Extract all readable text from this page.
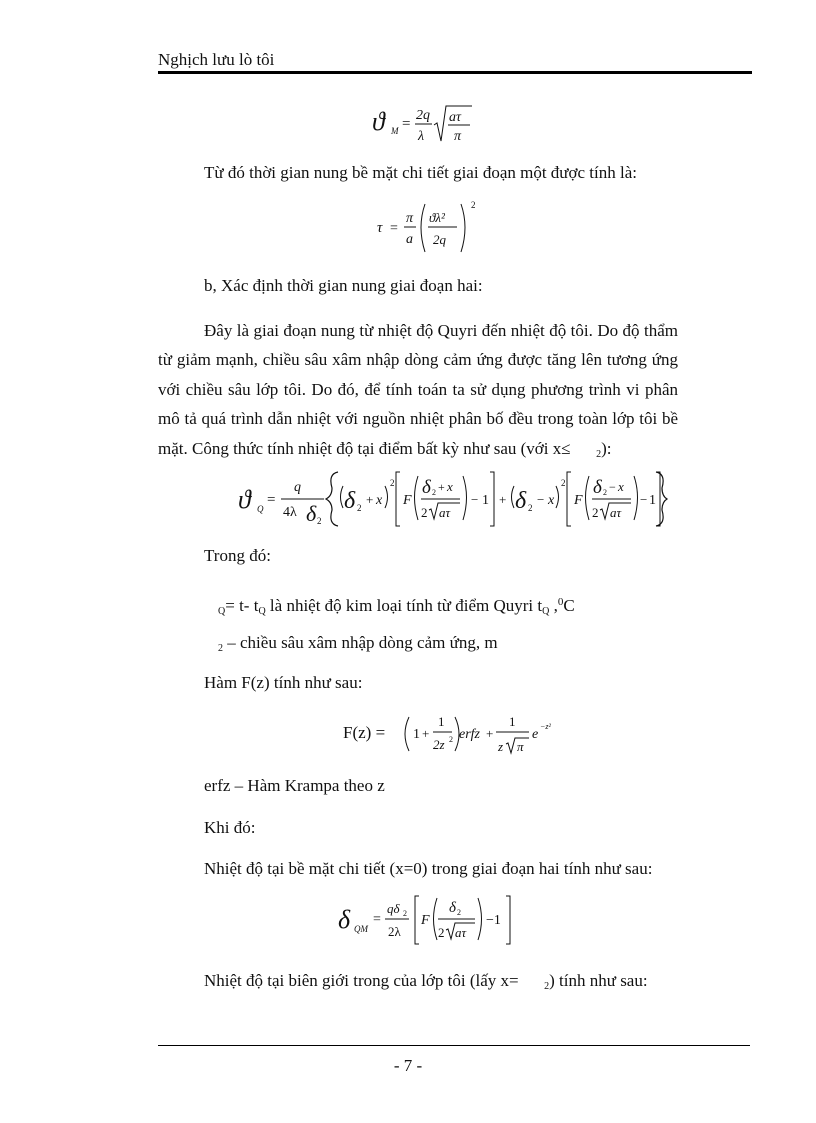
Nghịch lưu lò tôi
ϑ M =
2q
λ
aτ
π
Từ đó thời gian nung bề mặt chi tiết giai đoạn một được tính là:
τ =
π
a
ϑλ²
2q
2
b, Xác định thời gian nung giai đoạn hai:
Đây là giai đoạn nung từ nhiệt độ Quyri đến nhiệt độ tôi. Do độ thẩm từ giảm mạnh, chiều sâu xâm nhập dòng cảm ứng được tăng lên tương ứng với chiều sâu lớp tôi. Do đó, để tính toán ta sử dụng phương trình vi phân mô tả quá trình dẫn nhiệt với nguồn nhiệt phân bố đều trong toàn lớp tôi bề mặt. Công thức tính nhiệt độ tại điểm bất kỳ như sau (với x≤	$_2$):
ϑ Q
=
q
4λ δ 2
δ 2
+ x
2
F
δ 2 + x
2 aτ
− 1 + δ 2
− x
2
F
δ 2 − x
2 aτ
− 1
Trong đó:
$_Q$= t- $t_Q$ là nhiệt độ kim loại tính từ điểm Quyri $t_Q$ ,$^0$C
$_2$ – chiều sâu xâm nhập dòng cảm ứng, m
Hàm F(z) tính như sau:
F(z) = 1 +
1
2z 2 erfz +
1
z π
e
−z²
erfz – Hàm Krampa theo z
Khi đó:
Nhiệt độ tại bề mặt chi tiết (x=0) trong giai đoạn hai tính như sau:
δ QM
=
qδ 2
2λ
F
δ 2
2 aτ
−1
Nhiệt độ tại biên giới trong của lớp tôi (lấy x=	$_2$) tính như sau:
- 7 -
